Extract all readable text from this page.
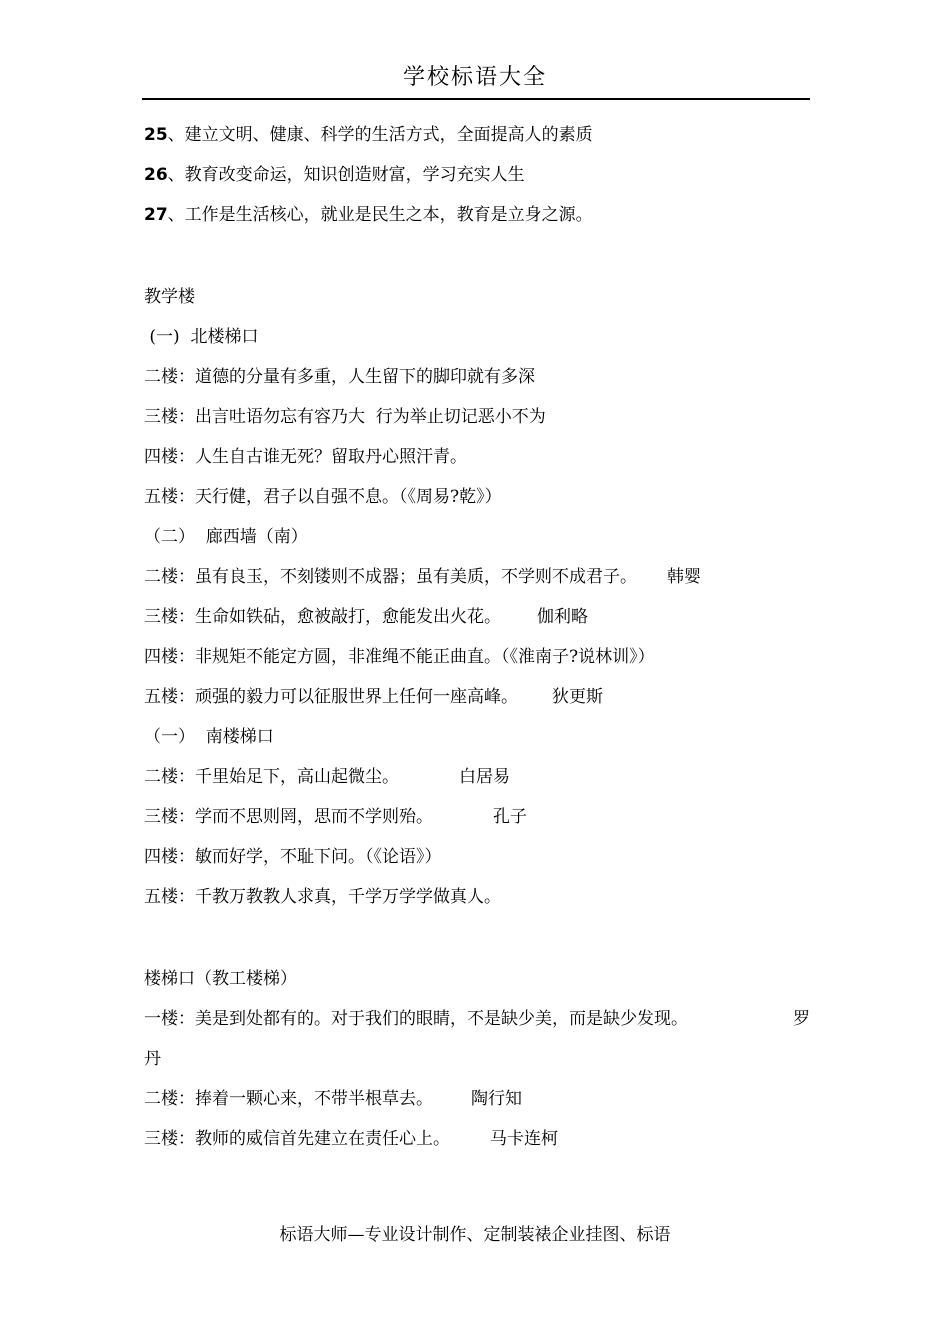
学校标语大全
25、建立文明、健康、科学的生活方式，全面提高人的素质
26、教育改变命运，知识创造财富，学习充实人生
27、工作是生活核心，就业是民生之本，教育是立身之源。
教学楼
(一)  北楼梯口
二楼：道德的分量有多重，人生留下的脚印就有多深
三楼：出言吐语勿忘有容乃大  行为举止切记恶小不为
四楼：人生自古谁无死？留取丹心照汗青。
五楼：天行健，君子以自强不息。（《周易?乾》）
（二）  廊西墙（南）
二楼：虽有良玉，不刻镂则不成器；虽有美质，不学则不成君子。 韩婴
三楼：生命如铁砧，愈被敲打，愈能发出火花。 伽利略
四楼：非规矩不能定方圆，非准绳不能正曲直。（《淮南子?说林训》）
五楼：顽强的毅力可以征服世界上任何一座高峰。 狄更斯
（一）  南楼梯口
二楼：千里始足下，高山起微尘。	白居易
三楼：学而不思则罔，思而不学则殆。	孔子
四楼：敏而好学，不耻下问。（《论语》）
五楼：千教万教教人求真，千学万学学做真人。
楼梯口（教工楼梯）
一楼：美是到处都有的。对于我们的眼睛，不是缺少美，而是缺少发现。	罗
丹
二楼：捧着一颗心来，不带半根草去。 陶行知
三楼：教师的威信首先建立在责任心上。 马卡连柯
标语大师—专业设计制作、定制装裱企业挂图、标语
